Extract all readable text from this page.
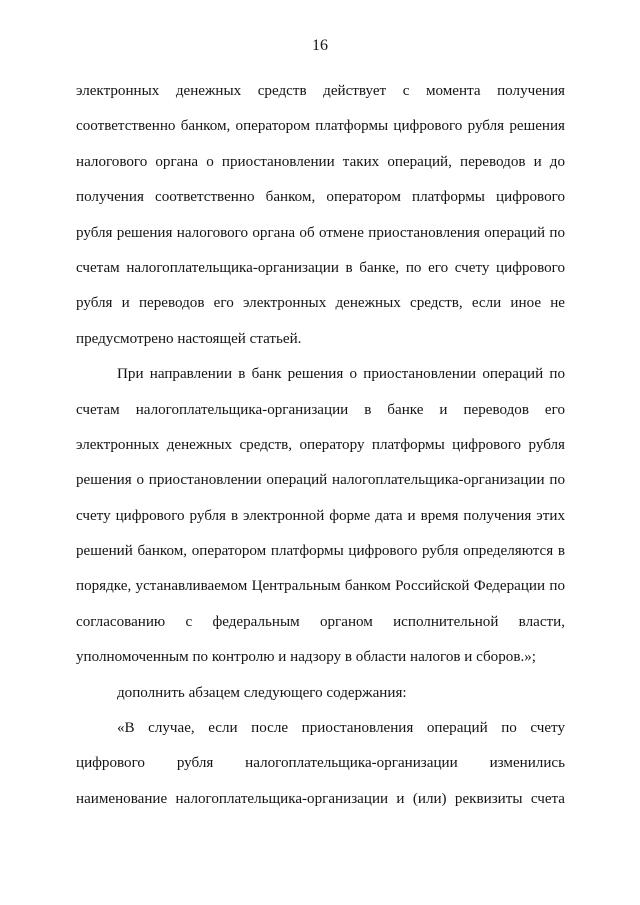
16
электронных денежных средств действует с момента получения
соответственно банком, оператором платформы цифрового рубля решения
налогового органа о приостановлении таких операций, переводов и до
получения соответственно банком, оператором платформы цифрового
рубля решения налогового органа об отмене приостановления операций по
счетам налогоплательщика-организации в банке, по его счету цифрового
рубля и переводов его электронных денежных средств, если иное не
предусмотрено настоящей статьей.
При направлении в банк решения о приостановлении операций по
счетам налогоплательщика-организации в банке и переводов его
электронных денежных средств, оператору платформы цифрового рубля
решения о приостановлении операций налогоплательщика-организации по
счету цифрового рубля в электронной форме дата и время получения этих
решений банком, оператором платформы цифрового рубля определяются в
порядке, устанавливаемом Центральным банком Российской Федерации по
согласованию с федеральным органом исполнительной власти,
уполномоченным по контролю и надзору в области налогов и сборов.»;
дополнить абзацем следующего содержания:
«В случае, если после приостановления операций по счету
цифрового рубля налогоплательщика-организации изменились
наименование налогоплательщика-организации и (или) реквизиты счета
